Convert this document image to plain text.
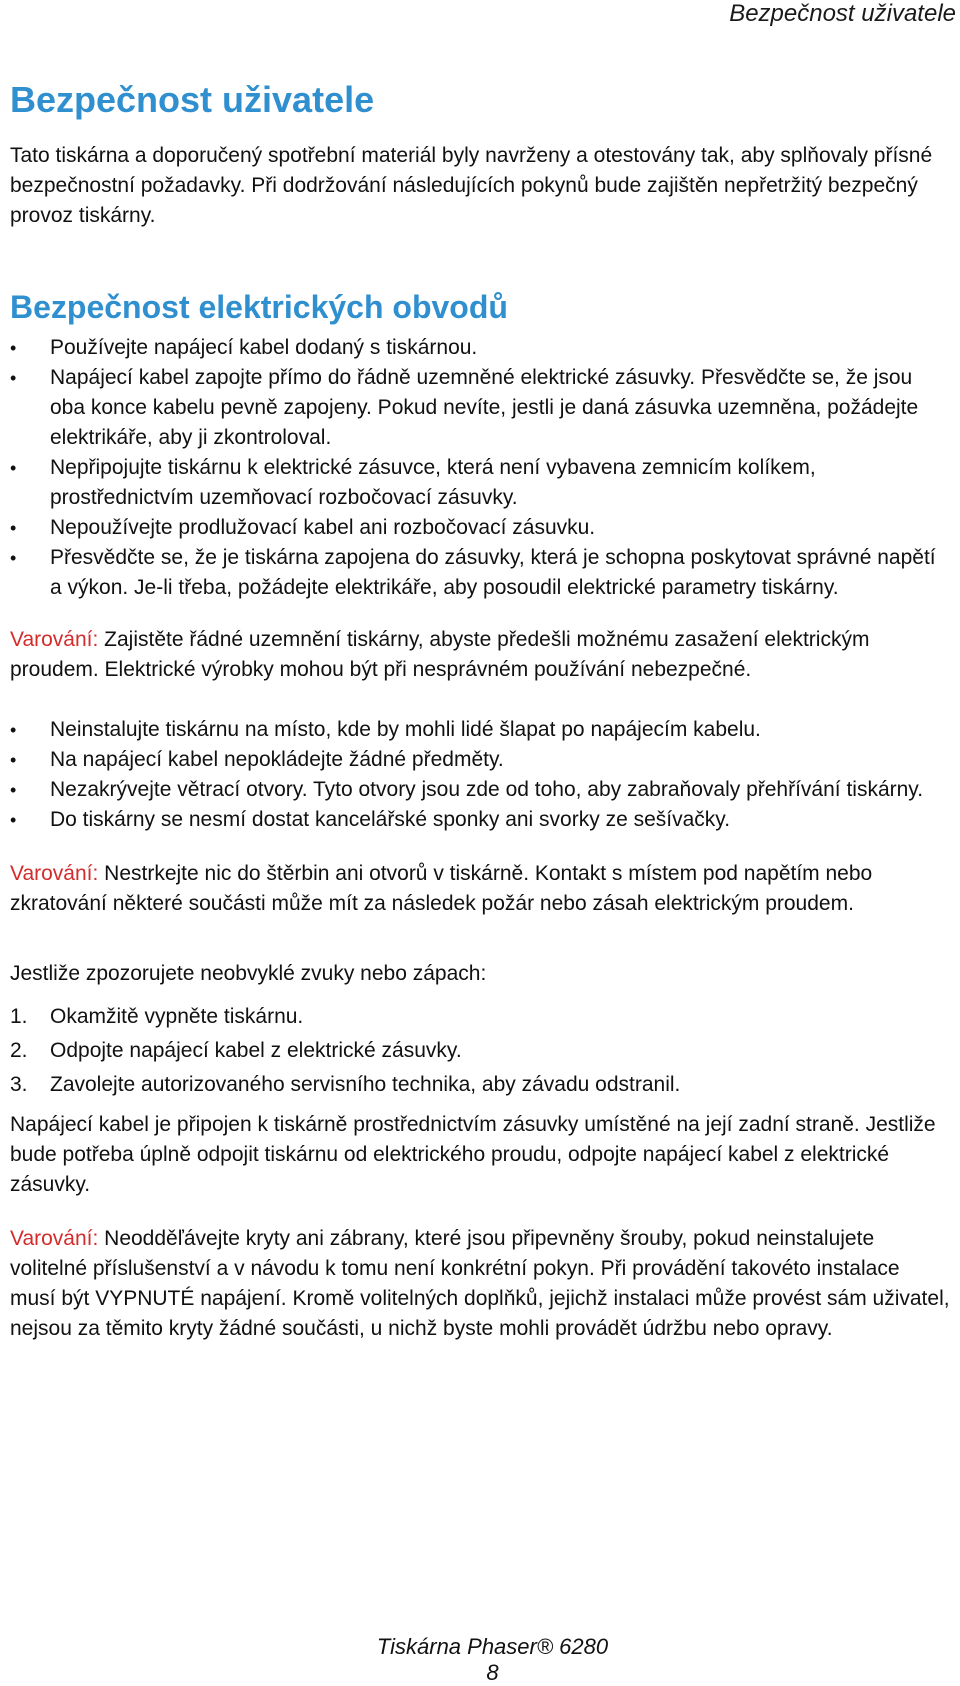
Bezpečnost uživatele
Bezpečnost uživatele

Tato tiskárna a doporučený spotřební materiál byly navrženy a otestovány tak, aby splňovaly přísné bezpečnostní požadavky. Při dodržování následujících pokynů bude zajištěn nepřetržitý bezpečný provoz tiskárny.

Bezpečnost elektrických obvodů
•	Používejte napájecí kabel dodaný s tiskárnou.
•	Napájecí kabel zapojte přímo do řádně uzemněné elektrické zásuvky. Přesvědčte se, že jsou oba konce kabelu pevně zapojeny. Pokud nevíte, jestli je daná zásuvka uzemněna, požádejte elektrikáře, aby ji zkontroloval.
•	Nepřipojujte tiskárnu k elektrické zásuvce, která není vybavena zemnicím kolíkem, prostřednictvím uzemňovací rozbočovací zásuvky.
•	Nepoužívejte prodlužovací kabel ani rozbočovací zásuvku.
•	Přesvědčte se, že je tiskárna zapojena do zásuvky, která je schopna poskytovat správné napětí a výkon. Je-li třeba, požádejte elektrikáře, aby posoudil elektrické parametry tiskárny.

Varování: Zajistěte řádné uzemnění tiskárny, abyste předešli možnému zasažení elektrickým proudem. Elektrické výrobky mohou být při nesprávném používání nebezpečné.

•	Neinstalujte tiskárnu na místo, kde by mohli lidé šlapat po napájecím kabelu.
•	Na napájecí kabel nepokládejte žádné předměty.
•	Nezakrývejte větrací otvory. Tyto otvory jsou zde od toho, aby zabraňovaly přehřívání tiskárny.
•	Do tiskárny se nesmí dostat kancelářské sponky ani svorky ze sešívačky.

Varování: Nestrkejte nic do štěrbin ani otvorů v tiskárně. Kontakt s místem pod napětím nebo zkratování některé součásti může mít za následek požár nebo zásah elektrickým proudem.

Jestliže zpozorujete neobvyklé zvuky nebo zápach:

1.	Okamžitě vypněte tiskárnu.
2.	Odpojte napájecí kabel z elektrické zásuvky.
3.	Zavolejte autorizovaného servisního technika, aby závadu odstranil.

Napájecí kabel je připojen k tiskárně prostřednictvím zásuvky umístěné na její zadní straně. Jestliže bude potřeba úplně odpojit tiskárnu od elektrického proudu, odpojte napájecí kabel z elektrické zásuvky.

Varování: Neodděľávejte kryty ani zábrany, které jsou připevněny šrouby, pokud neinstalujete volitelné příslušenství a v návodu k tomu není konkrétní pokyn. Při provádění takovéto instalace musí být VYPNUTÉ napájení. Kromě volitelných doplňků, jejichž instalaci může provést sám uživatel, nejsou za těmito kryty žádné součásti, u nichž byste mohli provádět údržbu nebo opravy.

Tiskárna Phaser® 6280
8
